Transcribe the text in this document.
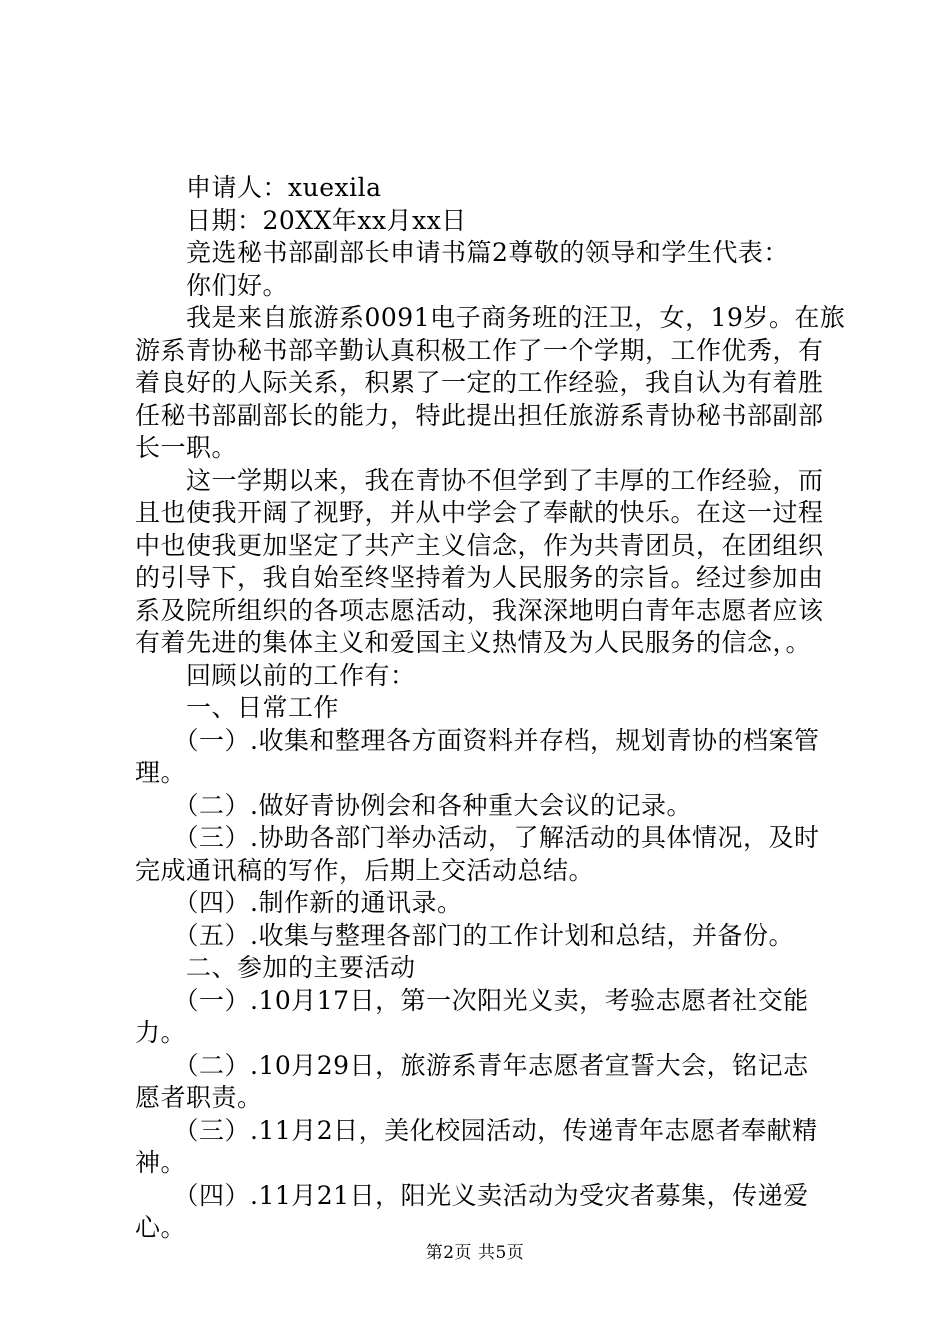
　　申请人：xuexila
　　日期：20XX年xx月xx日
　　竞选秘书部副部长申请书篇2尊敬的领导和学生代表：
　　你们好。
　　我是来自旅游系0091电子商务班的汪卫，女，19岁。在旅
游系青协秘书部辛勤认真积极工作了一个学期，工作优秀，有
着良好的人际关系，积累了一定的工作经验，我自认为有着胜
任秘书部副部长的能力，特此提出担任旅游系青协秘书部副部
长一职。
　　这一学期以来，我在青协不但学到了丰厚的工作经验，而
且也使我开阔了视野，并从中学会了奉献的快乐。在这一过程
中也使我更加坚定了共产主义信念，作为共青团员，在团组织
的引导下，我自始至终坚持着为人民服务的宗旨。经过参加由
系及院所组织的各项志愿活动，我深深地明白青年志愿者应该
有着先进的集体主义和爱国主义热情及为人民服务的信念，。
　　回顾以前的工作有：
　　一、日常工作
　　（一）.收集和整理各方面资料并存档，规划青协的档案管
理。
　　（二）.做好青协例会和各种重大会议的记录。
　　（三）.协助各部门举办活动，了解活动的具体情况，及时
完成通讯稿的写作，后期上交活动总结。
　　（四）.制作新的通讯录。
　　（五）.收集与整理各部门的工作计划和总结，并备份。
　　二、参加的主要活动
　　（一）.10月17日，第一次阳光义卖，考验志愿者社交能
力。
　　（二）.10月29日，旅游系青年志愿者宣誓大会，铭记志
愿者职责。
　　（三）.11月2日，美化校园活动，传递青年志愿者奉献精
神。
　　（四）.11月21日，阳光义卖活动为受灾者募集，传递爱
心。
第2页 共5页
